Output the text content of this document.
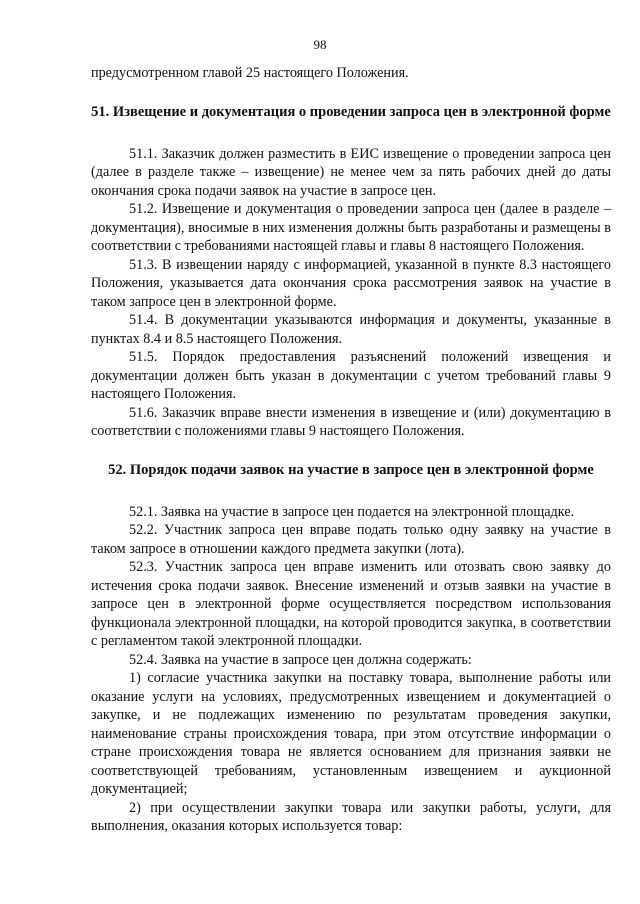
98

предусмотренном главой 25 настоящего Положения.

51. Извещение и документация о проведении запроса цен в электронной форме

51.1. Заказчик должен разместить в ЕИС извещение о проведении запроса цен (далее в разделе также – извещение) не менее чем за пять рабочих дней до даты окончания срока подачи заявок на участие в запросе цен.

51.2. Извещение и документация о проведении запроса цен (далее в разделе – документация), вносимые в них изменения должны быть разработаны и размещены в соответствии с требованиями настоящей главы и главы 8 настоящего Положения.

51.3. В извещении наряду с информацией, указанной в пункте 8.3 настоящего Положения, указывается дата окончания срока рассмотрения заявок на участие в таком запросе цен в электронной форме.

51.4. В документации указываются информация и документы, указанные в пунктах 8.4 и 8.5 настоящего Положения.

51.5. Порядок предоставления разъяснений положений извещения и документации должен быть указан в документации с учетом требований главы 9 настоящего Положения.

51.6. Заказчик вправе внести изменения в извещение и (или) документацию в соответствии с положениями главы 9 настоящего Положения.

52. Порядок подачи заявок на участие в запросе цен в электронной форме

52.1. Заявка на участие в запросе цен подается на электронной площадке.

52.2. Участник запроса цен вправе подать только одну заявку на участие в таком запросе в отношении каждого предмета закупки (лота).

52.3. Участник запроса цен вправе изменить или отозвать свою заявку до истечения срока подачи заявок. Внесение изменений и отзыв заявки на участие в запросе цен в электронной форме осуществляется посредством использования функционала электронной площадки, на которой проводится закупка, в соответствии с регламентом такой электронной площадки.

52.4. Заявка на участие в запросе цен должна содержать:

1) согласие участника закупки на поставку товара, выполнение работы или оказание услуги на условиях, предусмотренных извещением и документацией о закупке, и не подлежащих изменению по результатам проведения закупки, наименование страны происхождения товара, при этом отсутствие информации о стране происхождения товара не является основанием для признания заявки не соответствующей требованиям, установленным извещением и аукционной документацией;

2) при осуществлении закупки товара или закупки работы, услуги, для выполнения, оказания которых используется товар:
